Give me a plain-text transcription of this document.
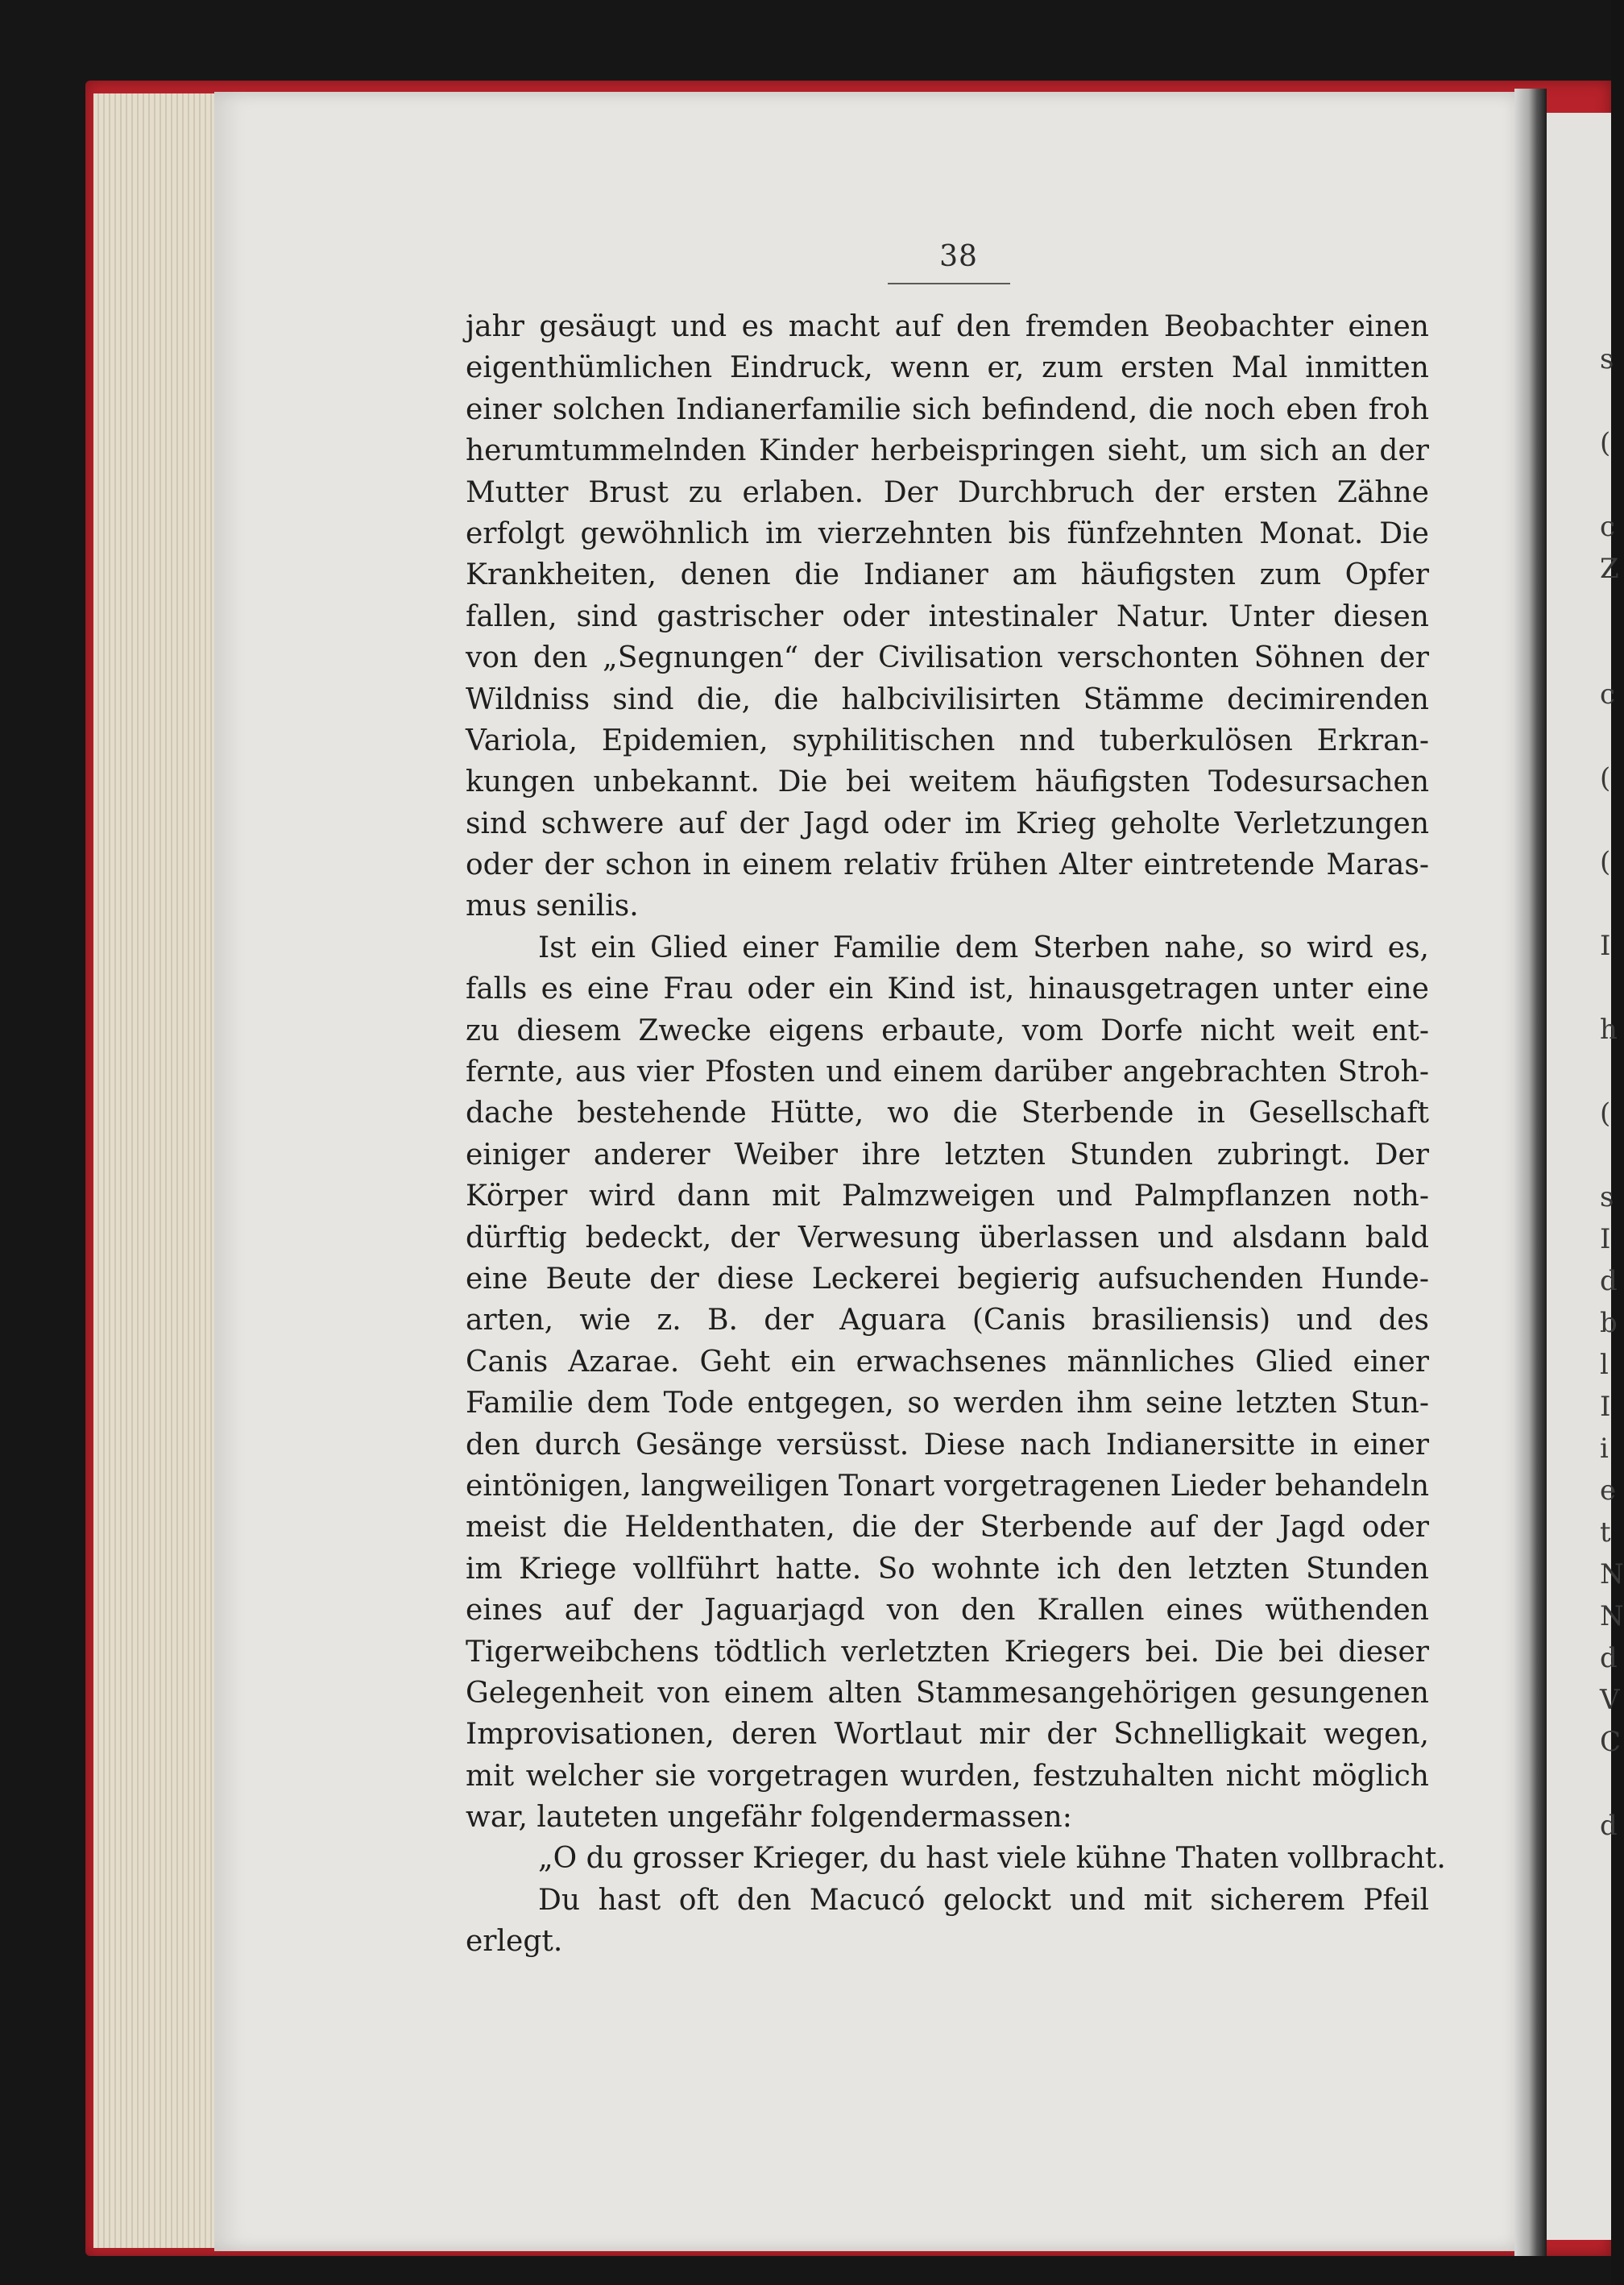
s

(

c
Z

c

(

(

I

h

(

s
I
d
b
l
I
i
e
t
N
N
d
V
C

d
38
jahr gesäugt und es macht auf den fremden Beobachter einen
eigenthümlichen Eindruck, wenn er, zum ersten Mal inmitten
einer solchen Indianerfamilie sich befindend, die noch eben froh
herumtummelnden Kinder herbeispringen sieht, um sich an der
Mutter Brust zu erlaben. Der Durchbruch der ersten Zähne
erfolgt gewöhnlich im vierzehnten bis fünfzehnten Monat. Die
Krankheiten, denen die Indianer am häufigsten zum Opfer
fallen, sind gastrischer oder intestinaler Natur. Unter diesen
von den „Segnungen“ der Civilisation verschonten Söhnen der
Wildniss sind die, die halbcivilisirten Stämme decimirenden
Variola, Epidemien, syphilitischen nnd tuberkulösen Erkran-
kungen unbekannt. Die bei weitem häufigsten Todesursachen
sind schwere auf der Jagd oder im Krieg geholte Verletzungen
oder der schon in einem relativ frühen Alter eintretende Maras-
mus senilis.
Ist ein Glied einer Familie dem Sterben nahe, so wird es,
falls es eine Frau oder ein Kind ist, hinausgetragen unter eine
zu diesem Zwecke eigens erbaute, vom Dorfe nicht weit ent-
fernte, aus vier Pfosten und einem darüber angebrachten Stroh-
dache bestehende Hütte, wo die Sterbende in Gesellschaft
einiger anderer Weiber ihre letzten Stunden zubringt. Der
Körper wird dann mit Palmzweigen und Palmpflanzen noth-
dürftig bedeckt, der Verwesung überlassen und alsdann bald
eine Beute der diese Leckerei begierig aufsuchenden Hunde-
arten, wie z. B. der Aguara (Canis brasiliensis) und des
Canis Azarae. Geht ein erwachsenes männliches Glied einer
Familie dem Tode entgegen, so werden ihm seine letzten Stun-
den durch Gesänge versüsst. Diese nach Indianersitte in einer
eintönigen, langweiligen Tonart vorgetragenen Lieder behandeln
meist die Heldenthaten, die der Sterbende auf der Jagd oder
im Kriege vollführt hatte. So wohnte ich den letzten Stunden
eines auf der Jaguarjagd von den Krallen eines wüthenden
Tigerweibchens tödtlich verletzten Kriegers bei. Die bei dieser
Gelegenheit von einem alten Stammesangehörigen gesungenen
Improvisationen, deren Wortlaut mir der Schnelligkait wegen,
mit welcher sie vorgetragen wurden, festzuhalten nicht möglich
war, lauteten ungefähr folgendermassen:
„O du grosser Krieger, du hast viele kühne Thaten vollbracht.
Du hast oft den Macucó gelockt und mit sicherem Pfeil
erlegt.
